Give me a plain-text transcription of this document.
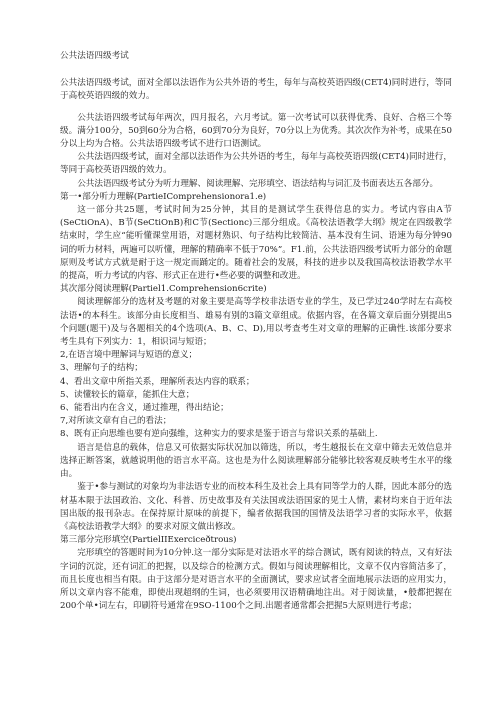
公共法语四级考试

公共法语四级考试，面对全部以法语作为公共外语的考生，每年与高校英语四级(CET4)同时进行，等同于高校英语四级的效力。

公共法语四级考试每年两次，四月报名，六月考试。第一次考试可以获得优秀、良好、合格三个等级。满分100分，50到60分为合格，60到70分为良好，70分以上为优秀。其次次作为补考，成果在50分以上均为合格。公共法语四级考试不进行口语测试。

公共法语四级考试，面对全部以法语作为公共外语的考生，每年与高校英语四级(CET4)同时进行，等同于高校英语四级的效力。

公共法语四级考试分为听力理解、阅读理解、完形填空、语法结构与词汇及书面表达五各部分。

第一•部分听力理解(PartieIComprehensionora1.e)

这一部分共25题，考试时间为25分钟，其目的是测试学生获得信息的实力。考试内容由A节(SeCtiOnA)、B节(SeCtiOnB)和C节(Sectionc)三部分组成。《高校法语教学大纲》规定在四级教学结束时，学生应“能听懂课堂用语，对题材熟识、句子结构比较简洁、基本没有生词、语速为每分钟90词的听力材料，两遍可以听懂，理解的精确率不低于70%”。F1.前，公共法语四级考试听力部分的命题原则及考试方式就是耐于这一规定而踊定的。随着社会的发展，科技的进步以及我国高校法语教学水平的提高，听力考试的内容、形式正在进行•些必要的调整和改进。

其次部分阅读理解(Partiel1.Comprehension6crite)

阅读理解部分的选材及考题的对象主要是高等学校非法语专业的学生，及已学过240学时左右高校法语•的本科生。该部分由长度相当、雄易有别的3篇文章组成。依据内容，在各篇文章后面分别提出5个问题(题干)及与各题相关的4个选项(A、B、C、D),用以考查考生对文章的理解的正确性.该部分要求考生具有下列实力：1，相识词与短语；

2,在语言境中理解词与短语的意义；

3、理解句子的结构；

4、看出文章中所指关系，理解所表达内容的联系；

5、读懂较长的篇章，能抓住大意；

6、能看出内在含义，通过推理，得出结论；

7,对所读文章有自己的看法；

8、既有正向思维也要有逆向强维，这种实力的要求是鉴于语言与常识关系的基础上.

语言是信息的载体，信息又可依据实际状况加以筛选，所以，考生越报长在文章中筛去无效信息并选择正断答案，就越说明他的语言水平高。这也是为什么阅读理解部分能够比较客观反映考生水平的缘由。

鉴于•参与测试的对象均为非法语专业的而校本科生及社会上具有同等学力的人群，因此本部分的选材基本限于法国政治、文化、科普、历史故事及有关法国或法语国家的见士人情，素材均来自于近年法国出版的报刊杂志。在保持原计原味的前提下，编者依据我国的国情及法语学习者的实际水平，依据《高校法语教学大纲》的要求对原文做出修改。

第三部分完形填空(PartielIIExerciceðtrous)

完形填空的答题时间为10分钟.这一部分实际是对法语水平的综合测试，既有阅读的特点，又有好法字词的沉淀，还有词汇的把握，以及综合的检测方式。假如与阅读理解相比，文章不仅内容简洁多了，而且长度也相当有限。由于这部分是对语言水平的全面测试，要求应试者全面地展示法语的应用实力，所以文章内容不能难，即使出现超纲的生词，也必须要用汉语精确地注出。对于阅读量，•般都把握在200个单•词左右，印刷符号通常在9SO-1100个之间.出题者通常都会把握5大原则进行考虑；
